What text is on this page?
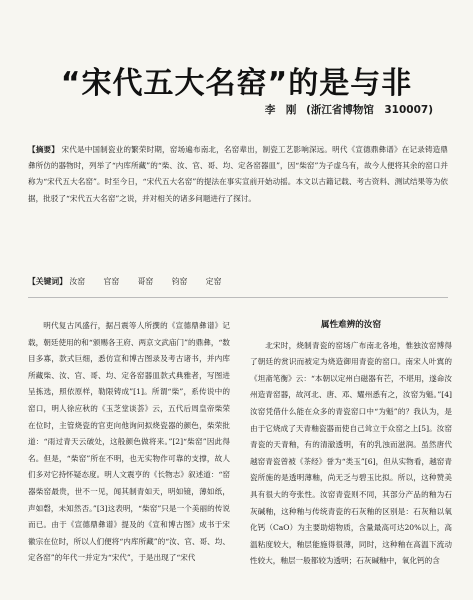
“宋代五大名窑”的是与非
李　刚 (浙江省博物馆　310007)
【摘要】 宋代是中国制瓷业的繁荣时期，窑场遍布南北，名窑辈出，制瓷工艺影响深远。明代《宣德鼎彝谱》在记录铸造鼎彝所仿的器物时，列举了“内库所藏”的“柴、汝、官、哥、均、定各窑器皿”，因“柴窑”为子虚乌有，故今人便将其余的窑口并称为“宋代五大名窑”。时至今日，“宋代五大名窑”的提法在事实宣前开始动摇。本文以古籍记载、考古资料、测试结果等为依据，批驳了“宋代五大名窑”之说，并对相关的诸多问题进行了探讨。
【关键词】 汝窑 官窑 哥窑 钧窑 定窑

明代复古风盛行，据吕震等人所撰的《宣德鼎彝谱》记载，朝廷使用的和“颁赐各王府、两京文武庙门”的鼎彝，“数目多寡，款式巨细，悉仿宣和博古图录及考古诸书，并内库所藏柴、汝、官、哥、均、定各窑器皿款式典雅者，写图进呈拣选，照依原样，勒限铸成”[1]。所谓“柴”，系传说中的窑口，明人徐应秋的《玉芝堂谈荟》云，五代后周皇帝柴荣在位时，主管烧瓷的官吏向他询问拟烧瓷器的颜色，柴荣批道：“雨过青天云破处，这般颜色做将来。”[2]“柴窑”因此得名。但是，“柴窑”所在不明，也无实物作可靠的支撑，故人们多对它持怀疑态度。明人文震亨的《长物志》叙述道：“窑器柴窑最贵，世不一见，闻其制青如天，明如镜，薄如纸，声如磬，未知然否。”[3]这表明，“柴窑”只是一个美丽的传说而已。由于《宣德鼎彝谱》提及的《宣和博古图》成书于宋徽宗在位时，所以人们便将“内库所藏”的“汝、官、哥、均、定各窑”的年代一并定为“宋代”，于是出现了“宋代

属性难辨的汝窑

北宋时，烧制青瓷的窑场广布南北各地，惟独汝窑博得了朝廷的赏识而被定为烧造御用青瓷的窑口。南宋人叶寘的《坦斋笔衡》云：“本朝以定州白磁器有芒，不堪用，遂命汝州造青窑器，故河北、唐、邓、耀州悉有之，汝窑为魁。”[4]汝窑凭借什么能在众多的青瓷窑口中“为魁”的？我认为，是由于它烧成了天青釉瓷器而使自己耸立于众窑之上[5]。汝窑青瓷的天青釉，有的清澈透明，有的乳浊而滋润。虽然唐代越窑青瓷曾被《茶经》誉为“类玉”[6]，但从实物看，越窑青瓷所施的是透明薄釉，尚无乏与碧玉比拟。所以，这种赞美具有很大的夸张性。汝窑青瓷则不同，其部分产品的釉为石灰碱釉，这种釉与传统青瓷的石灰釉的区别是：石灰釉以氧化钙（CaO）为主要助熔物质，含量最高可达20%以上，高温粘度较大，釉层能施得很薄，同时，这种釉在高温下流动性较大，釉层一般都较为透明；石灰碱釉中，氧化钙的含
